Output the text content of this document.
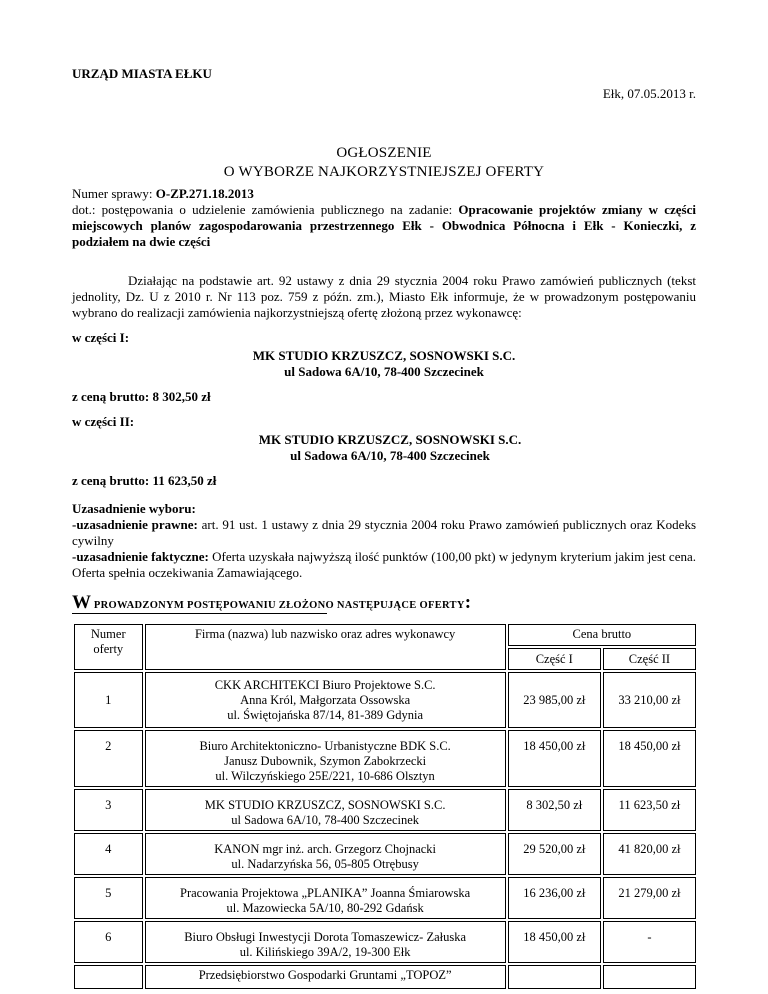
URZĄD MIASTA EŁKU
Ełk, 07.05.2013 r.
OGŁOSZENIE
O WYBORZE NAJKORZYSTNIEJSZEJ OFERTY
Numer sprawy: O-ZP.271.18.2013
dot.: postępowania o udzielenie zamówienia publicznego na zadanie: Opracowanie projektów zmiany w części miejscowych planów zagospodarowania przestrzennego Ełk - Obwodnica Północna i Ełk - Konieczki, z podziałem na dwie części
Działając na podstawie art. 92 ustawy z dnia 29 stycznia 2004 roku Prawo zamówień publicznych (tekst jednolity, Dz. U z 2010 r. Nr 113 poz. 759 z późn. zm.), Miasto Ełk informuje, że w prowadzonym postępowaniu wybrano do realizacji zamówienia najkorzystniejszą ofertę złożoną przez wykonawcę:
w części I:
MK STUDIO KRZUSZCZ, SOSNOWSKI S.C.
ul Sadowa 6A/10, 78-400 Szczecinek
z ceną brutto: 8 302,50 zł
w części II:
MK STUDIO KRZUSZCZ, SOSNOWSKI S.C.
ul Sadowa 6A/10, 78-400 Szczecinek
z ceną brutto: 11 623,50 zł
Uzasadnienie wyboru:
-uzasadnienie prawne: art. 91 ust. 1 ustawy z dnia 29 stycznia 2004 roku Prawo zamówień publicznych oraz Kodeks cywilny
-uzasadnienie faktyczne: Oferta uzyskała najwyższą ilość punktów (100,00 pkt) w jedynym kryterium jakim jest cena. Oferta spełnia oczekiwania Zamawiającego.
W PROWADZONYM POSTĘPOWANIU ZŁOŻONO NASTĘPUJĄCE OFERTY:
Numer oferty	Firma (nazwa) lub nazwisko oraz adres wykonawcy	Cena brutto	
		Część I	Część II
1	CKK ARCHITEKCI Biuro Projektowe S.C.
Anna Król, Małgorzata Ossowska
ul. Świętojańska 87/14, 81-389 Gdynia	23 985,00 zł	33 210,00 zł
2	Biuro Architektoniczno- Urbanistyczne BDK S.C.
Janusz Dubownik, Szymon Zabokrzecki
ul. Wilczyńskiego 25E/221, 10-686 Olsztyn	18 450,00 zł	18 450,00 zł
3	MK STUDIO KRZUSZCZ, SOSNOWSKI S.C.
ul Sadowa 6A/10, 78-400 Szczecinek	8 302,50 zł	11 623,50 zł
4	KANON mgr inż. arch. Grzegorz Chojnacki
ul. Nadarzyńska 56, 05-805 Otrębusy	29 520,00 zł	41 820,00 zł
5	Pracowania Projektowa „PLANIKA” Joanna Śmiarowska
ul. Mazowiecka 5A/10, 80-292 Gdańsk	16 236,00 zł	21 279,00 zł
6	Biuro Obsługi Inwestycji Dorota Tomaszewicz- Załuska
ul. Kilińskiego 39A/2, 19-300 Ełk	18 450,00 zł	-

	Przedsiębiorstwo Gospodarki Gruntami „TOPOZ”		
